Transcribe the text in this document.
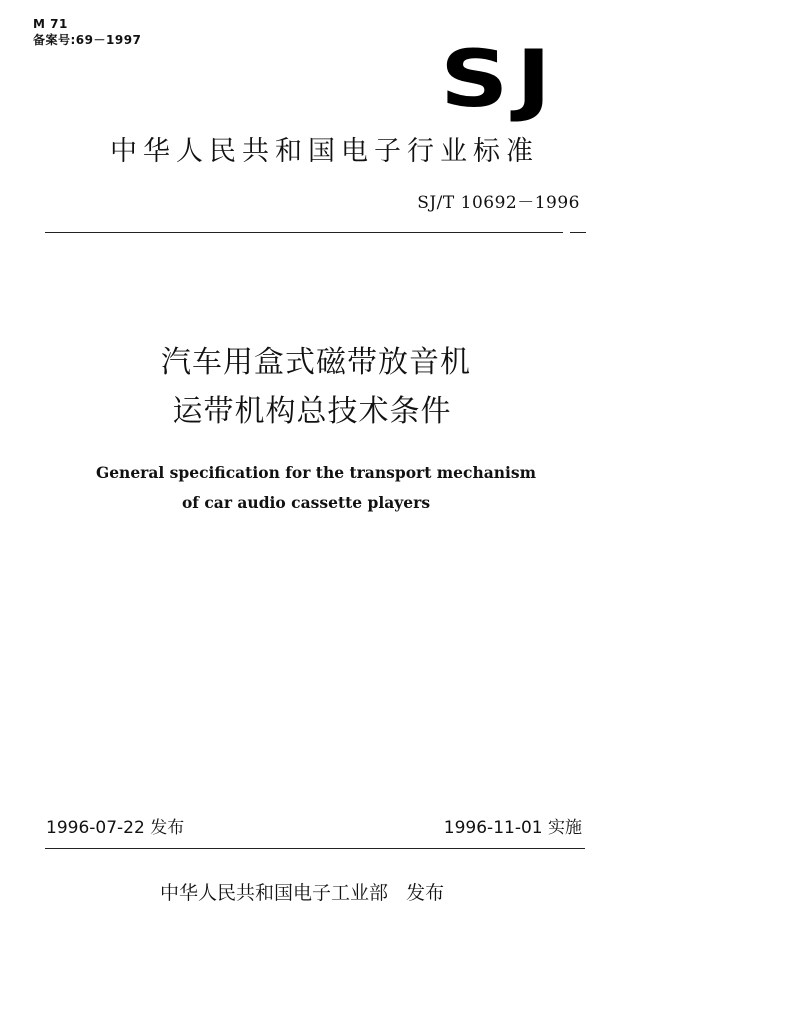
M 71
备案号:69－1997	SJ
中华人民共和国电子行业标准
SJ/T 10692－1996
汽车用盒式磁带放音机
运带机构总技术条件
General specification for the transport mechanism
of car audio cassette players
1996-07-22 发布	1996-11-01 实施
中华人民共和国电子工业部   发布
